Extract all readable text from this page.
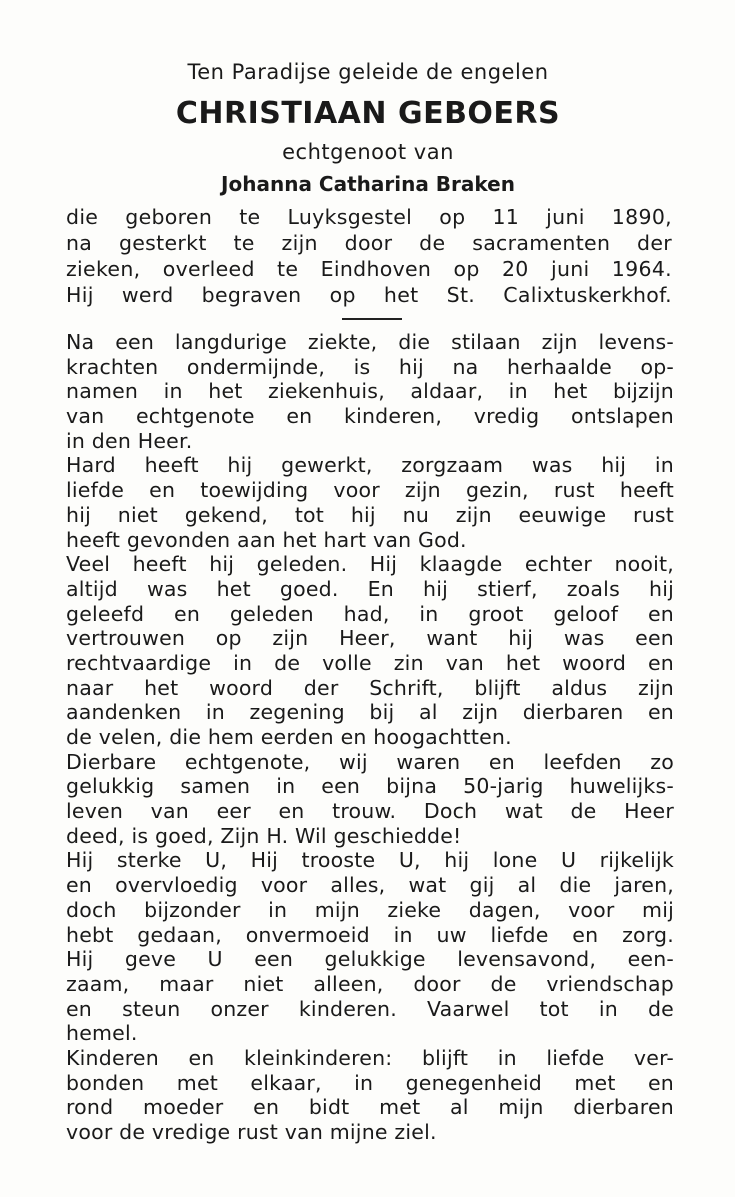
Ten Paradijse geleide de engelen
CHRISTIAAN GEBOERS
echtgenoot van
Johanna Catharina Braken
die geboren te Luyksgestel op 11 juni 1890,
na gesterkt te zijn door de sacramenten der
zieken, overleed te Eindhoven op 20 juni 1964.
Hij werd begraven op het St. Calixtuskerkhof.
Na een langdurige ziekte, die stilaan zijn levens-
krachten ondermijnde, is hij na herhaalde op-
namen in het ziekenhuis, aldaar, in het bijzijn
van echtgenote en kinderen, vredig ontslapen
in den Heer.
Hard heeft hij gewerkt, zorgzaam was hij in
liefde en toewijding voor zijn gezin, rust heeft
hij niet gekend, tot hij nu zijn eeuwige rust
heeft gevonden aan het hart van God.
Veel heeft hij geleden. Hij klaagde echter nooit,
altijd was het goed. En hij stierf, zoals hij
geleefd en geleden had, in groot geloof en
vertrouwen op zijn Heer, want hij was een
rechtvaardige in de volle zin van het woord en
naar het woord der Schrift, blijft aldus zijn
aandenken in zegening bij al zijn dierbaren en
de velen, die hem eerden en hoogachtten.
Dierbare echtgenote, wij waren en leefden zo
gelukkig samen in een bijna 50-jarig huwelijks-
leven van eer en trouw. Doch wat de Heer
deed, is goed, Zijn H. Wil geschiedde!
Hij sterke U, Hij trooste U, hij lone U rijkelijk
en overvloedig voor alles, wat gij al die jaren,
doch bijzonder in mijn zieke dagen, voor mij
hebt gedaan, onvermoeid in uw liefde en zorg.
Hij geve U een gelukkige levensavond, een-
zaam, maar niet alleen, door de vriendschap
en steun onzer kinderen. Vaarwel tot in de
hemel.
Kinderen en kleinkinderen: blijft in liefde ver-
bonden met elkaar, in genegenheid met en
rond moeder en bidt met al mijn dierbaren
voor de vredige rust van mijne ziel.
